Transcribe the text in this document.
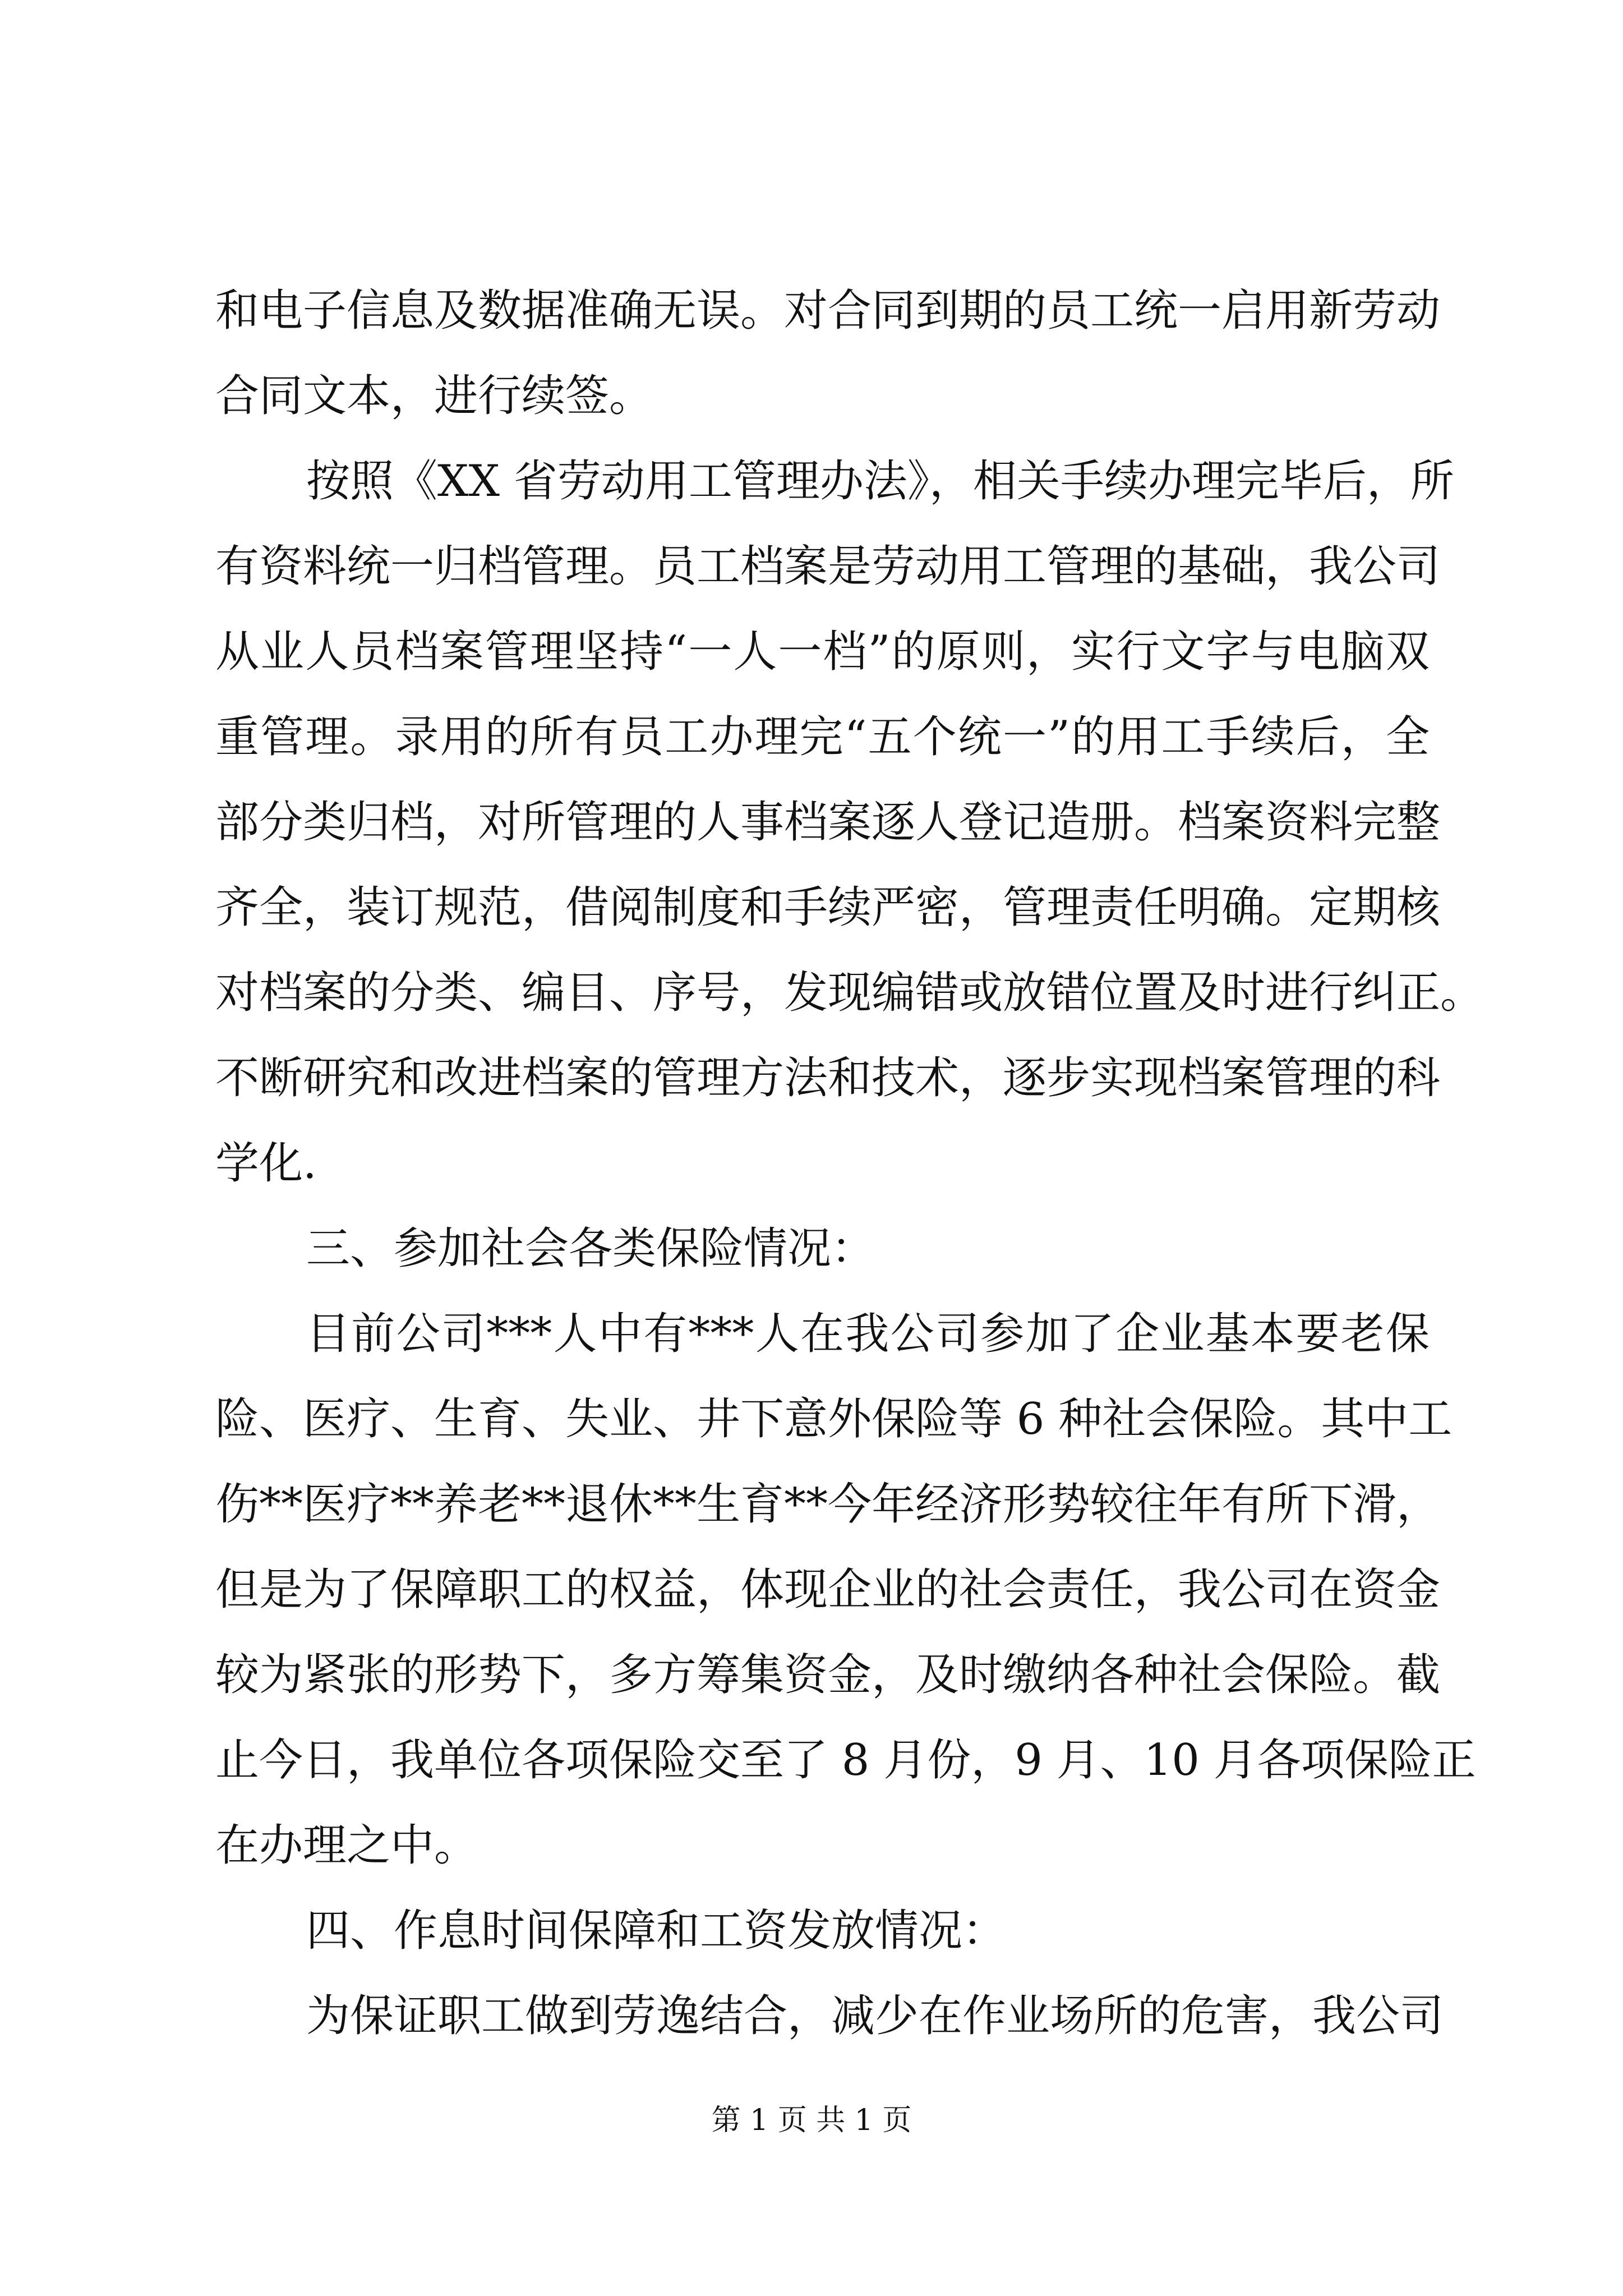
和电子信息及数据准确无误。对合同到期的员工统一启用新劳动
合同文本，进行续签。
按照《XX 省劳动用工管理办法》，相关手续办理完毕后，所
有资料统一归档管理。员工档案是劳动用工管理的基础，我公司
从业人员档案管理坚持“一人一档”的原则，实行文字与电脑双
重管理。录用的所有员工办理完“五个统一”的用工手续后，全
部分类归档，对所管理的人事档案逐人登记造册。档案资料完整
齐全，装订规范，借阅制度和手续严密，管理责任明确。定期核
对档案的分类、编目、序号，发现编错或放错位置及时进行纠正。
不断研究和改进档案的管理方法和技术，逐步实现档案管理的科
学化.
三、参加社会各类保险情况：
目前公司***人中有***人在我公司参加了企业基本要老保
险、医疗、生育、失业、井下意外保险等 6 种社会保险。其中工
伤**医疗**养老**退休**生育**今年经济形势较往年有所下滑，
但是为了保障职工的权益，体现企业的社会责任，我公司在资金
较为紧张的形势下，多方筹集资金，及时缴纳各种社会保险。截
止今日，我单位各项保险交至了 8 月份，9 月、10 月各项保险正
在办理之中。
四、作息时间保障和工资发放情况：
为保证职工做到劳逸结合，减少在作业场所的危害，我公司
第 1 页 共 1 页
